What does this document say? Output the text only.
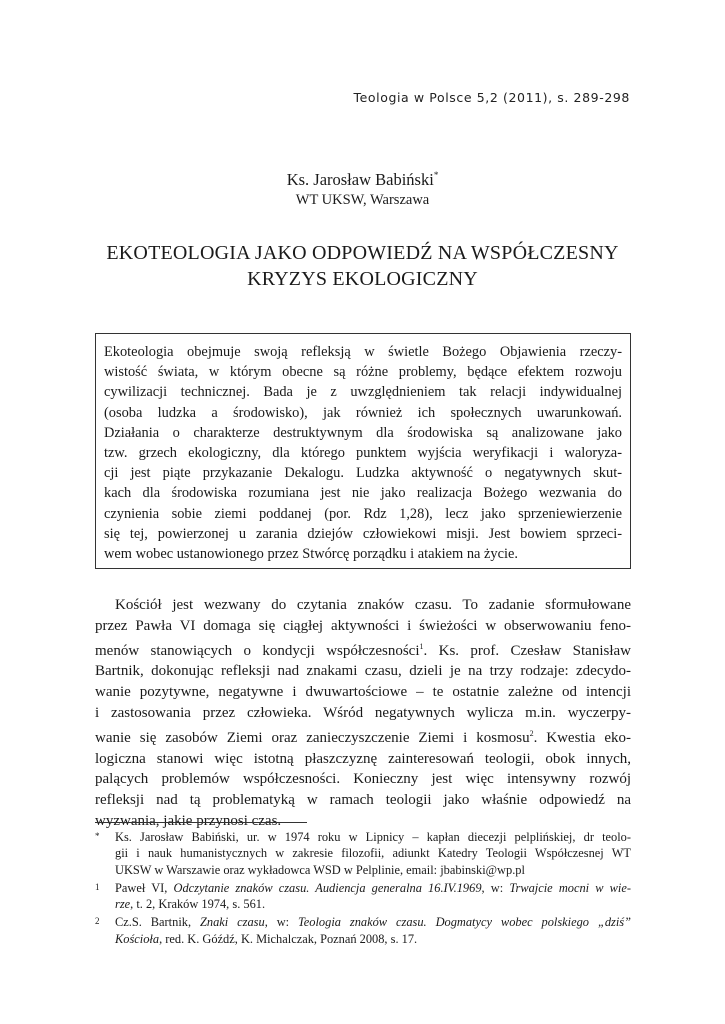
Teologia w Polsce 5,2 (2011), s. 289-298
Ks. Jarosław Babiński*
WT UKSW, Warszawa
EKOTEOLOGIA JAKO ODPOWIEDŹ NA WSPÓŁCZESNY
KRYZYS EKOLOGICZNY
Ekoteologia obejmuje swoją refleksją w świetle Bożego Objawienia rzeczy-
wistość świata, w którym obecne są różne problemy, będące efektem rozwoju
cywilizacji technicznej. Bada je z uwzględnieniem tak relacji indywidualnej
(osoba ludzka a środowisko), jak również ich społecznych uwarunkowań.
Działania o charakterze destruktywnym dla środowiska są analizowane jako
tzw. grzech ekologiczny, dla którego punktem wyjścia weryfikacji i waloryza-
cji jest piąte przykazanie Dekalogu. Ludzka aktywność o negatywnych skut-
kach dla środowiska rozumiana jest nie jako realizacja Bożego wezwania do
czynienia sobie ziemi poddanej (por. Rdz 1,28), lecz jako sprzeniewierzenie
się tej, powierzonej u zarania dziejów człowiekowi misji. Jest bowiem sprzeci-
wem wobec ustanowionego przez Stwórcę porządku i atakiem na życie.
Kościół jest wezwany do czytania znaków czasu. To zadanie sformułowane
przez Pawła VI domaga się ciągłej aktywności i świeżości w obserwowaniu feno-
menów stanowiących o kondycji współczesności$^1$. Ks. prof. Czesław Stanisław
Bartnik, dokonując refleksji nad znakami czasu, dzieli je na trzy rodzaje: zdecydo-
wanie pozytywne, negatywne i dwuwartościowe – te ostatnie zależne od intencji
i zastosowania przez człowieka. Wśród negatywnych wylicza m.in. wyczerpy-
wanie się zasobów Ziemi oraz zanieczyszczenie Ziemi i kosmosu$^2$. Kwestia eko-
logiczna stanowi więc istotną płaszczyznę zainteresowań teologii, obok innych,
palących problemów współczesności. Konieczny jest więc intensywny rozwój
refleksji nad tą problematyką w ramach teologii jako właśnie odpowiedź na
wyzwania, jakie przynosi czas.
* Ks. Jarosław Babiński, ur. w 1974 roku w Lipnicy – kapłan diecezji pelplińskiej, dr teolo-
gii i nauk humanistycznych w zakresie filozofii, adiunkt Katedry Teologii Współczesnej WT
UKSW w Warszawie oraz wykładowca WSD w Pelplinie, email: jbabinski@wp.pl
1 Paweł VI, Odczytanie znaków czasu. Audiencja generalna 16.IV.1969, w: Trwajcie mocni w wie-
rze, t. 2, Kraków 1974, s. 561.
2 Cz.S. Bartnik, Znaki czasu, w: Teologia znaków czasu. Dogmatycy wobec polskiego „dziś”
Kościoła, red. K. Góźdź, K. Michalczak, Poznań 2008, s. 17.
